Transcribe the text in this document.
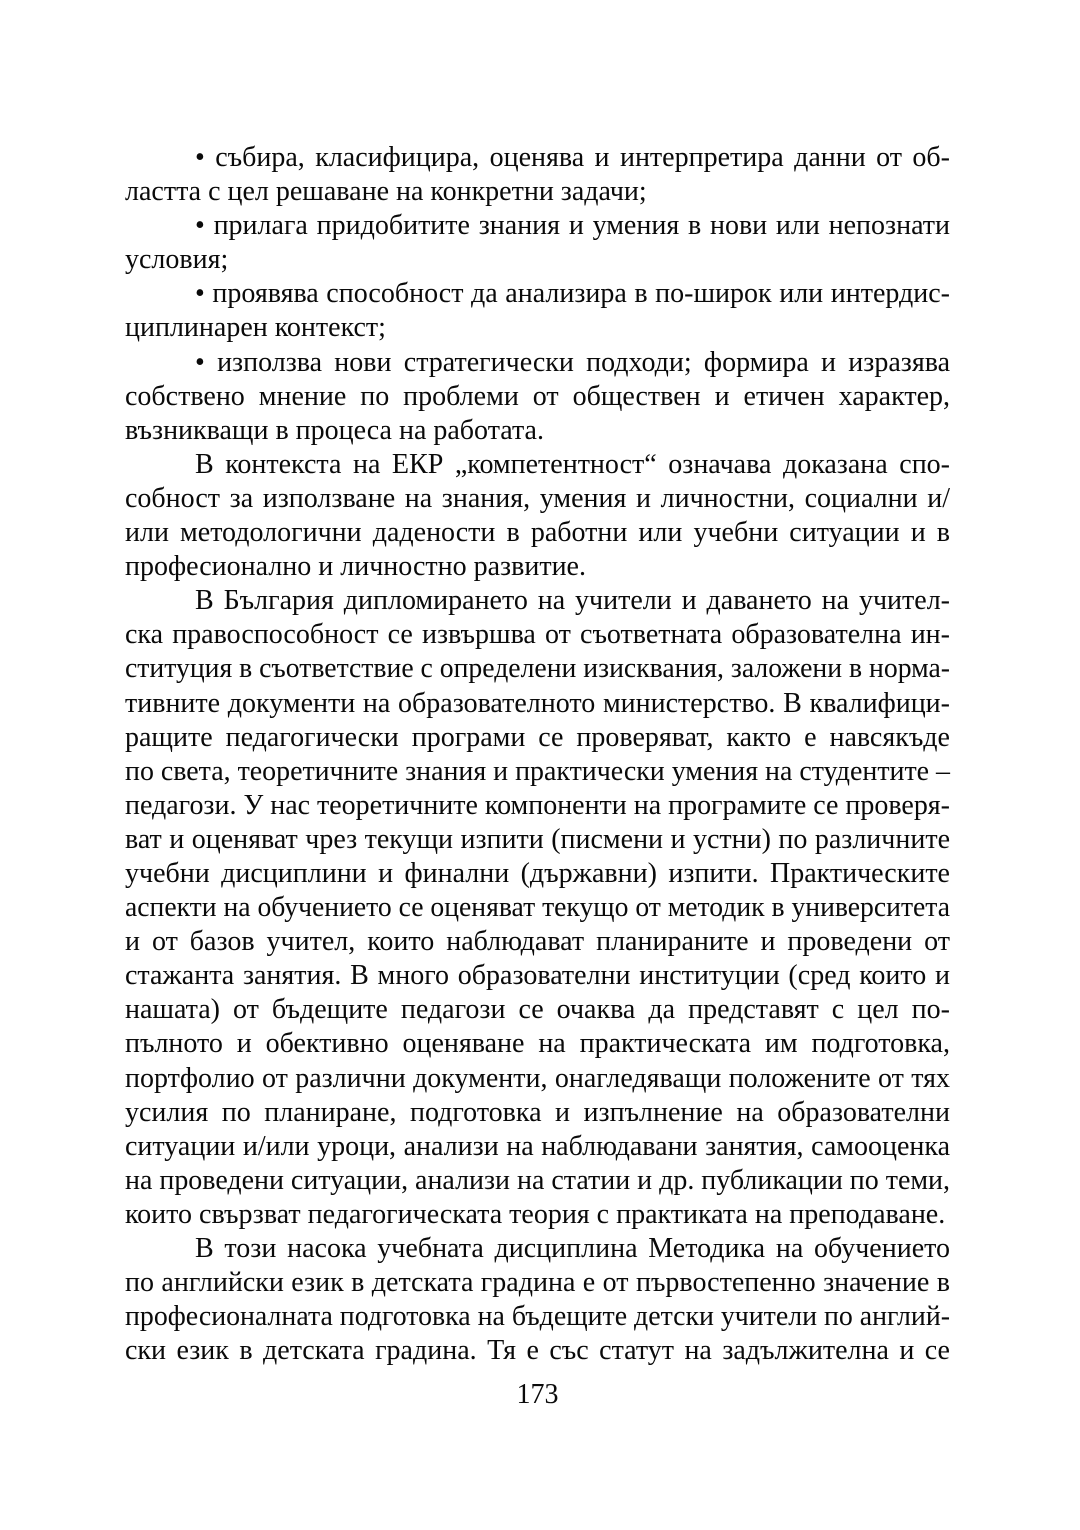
• събира, класифицира, оценява и интерпретира данни от об-
ластта с цел решаване на конкретни задачи;
• прилага придобитите знания и умения в нови или непознати
условия;
• проявява способност да анализира в по-широк или интердис-
циплинарен контекст;
• използва нови стратегически подходи; формира и изразява
собствено мнение по проблеми от обществен и етичен характер,
възникващи в процеса на работата.
В контекста на ЕКР „компетентност“ означава доказана спо-
собност за използване на знания, умения и личностни, социални и/
или методологични дадености в работни или учебни ситуации и в
професионално и личностно развитие.
В България дипломирането на учители и даването на учител-
ска правоспособност се извършва от съответната образователна ин-
ституция в съответствие с определени изисквания, заложени в норма-
тивните документи на образователното министерство. В квалифици-
ращите педагогически програми се проверяват, както е навсякъде
по света, теоретичните знания и практически умения на студентите –
педагози. У нас теоретичните компоненти на програмите се проверя-
ват и оценяват чрез текущи изпити (писмени и устни) по различните
учебни дисциплини и финални (държавни) изпити. Практическите
аспекти на обучението се оценяват текущо от методик в университета
и от базов учител, които наблюдават планираните и проведени от
стажанта занятия. В много образователни институции (сред които и
нашата) от бъдещите педагози се очаква да представят с цел по-
пълното и обективно оценяване на практическата им подготовка,
портфолио от различни документи, онагледяващи положените от тях
усилия по планиране, подготовка и изпълнение на образователни
ситуации и/или уроци, анализи на наблюдавани занятия, самооценка
на проведени ситуации, анализи на статии и др. публикации по теми,
които свързват педагогическата теория с практиката на преподаване.
В този насока учебната дисциплина Методика на обучението
по английски език в детската градина е от първостепенно значение в
професионалната подготовка на бъдещите детски учители по англий-
ски език в детската градина. Тя е със статут на задължителна и се
173
